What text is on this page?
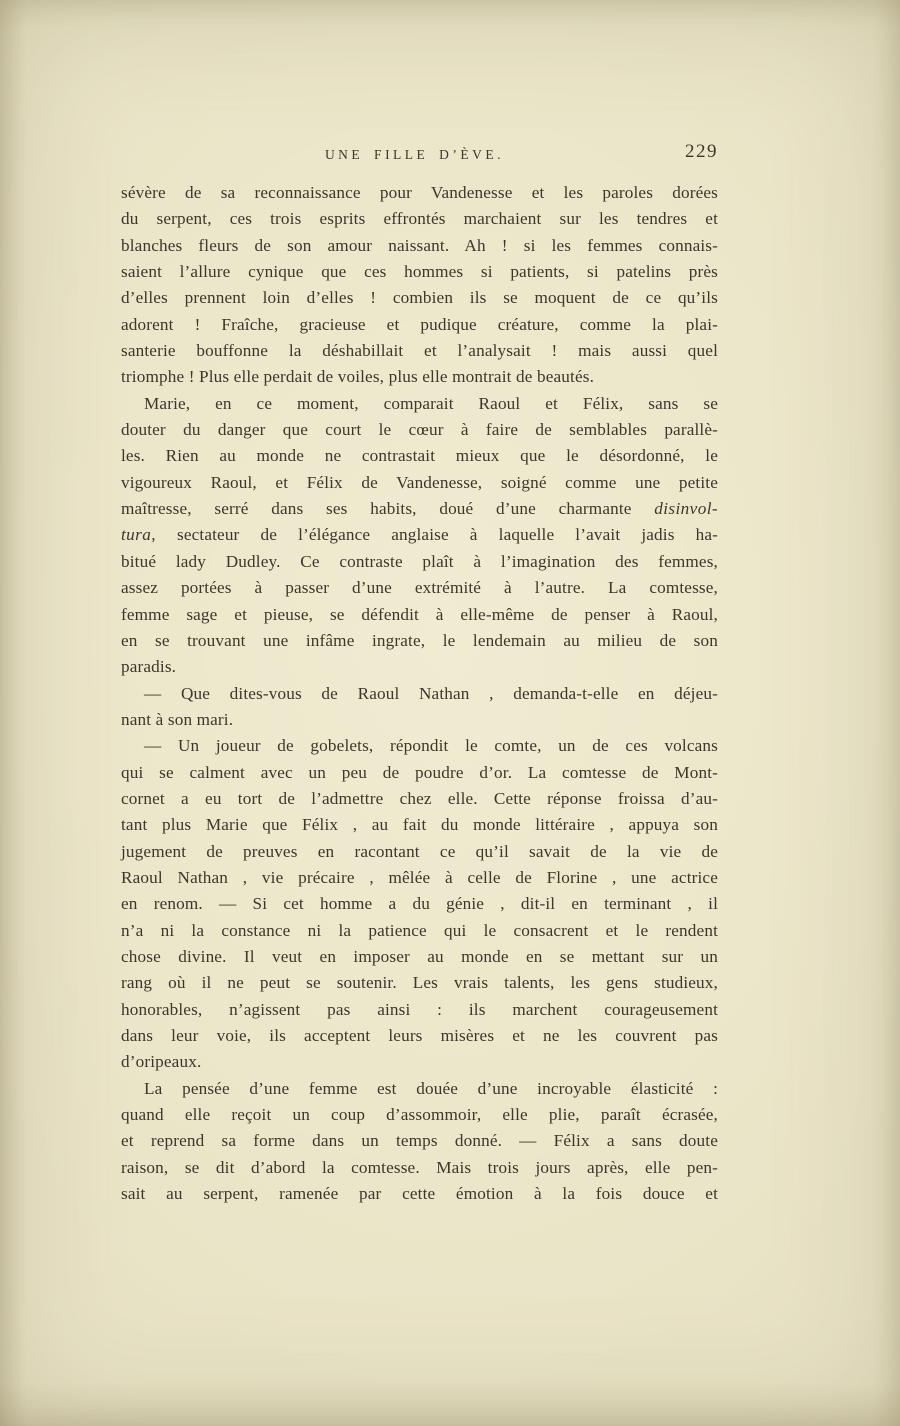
UNE FILLE D’ÈVE.	229
sévère de sa reconnaissance pour Vandenesse et les paroles dorées
du serpent, ces trois esprits effrontés marchaient sur les tendres et
blanches fleurs de son amour naissant. Ah ! si les femmes connais-
saient l’allure cynique que ces hommes si patients, si patelins près
d’elles prennent loin d’elles ! combien ils se moquent de ce qu’ils
adorent ! Fraîche, gracieuse et pudique créature, comme la plai-
santerie bouffonne la déshabillait et l’analysait ! mais aussi quel
triomphe ! Plus elle perdait de voiles, plus elle montrait de beautés.
Marie, en ce moment, comparait Raoul et Félix, sans se
douter du danger que court le cœur à faire de semblables parallè-
les. Rien au monde ne contrastait mieux que le désordonné, le
vigoureux Raoul, et Félix de Vandenesse, soigné comme une petite
maîtresse, serré dans ses habits, doué d’une charmante disinvol-
tura, sectateur de l’élégance anglaise à laquelle l’avait jadis ha-
bitué lady Dudley. Ce contraste plaît à l’imagination des femmes,
assez portées à passer d’une extrémité à l’autre. La comtesse,
femme sage et pieuse, se défendit à elle-même de penser à Raoul,
en se trouvant une infâme ingrate, le lendemain au milieu de son
paradis.
— Que dites-vous de Raoul Nathan , demanda-t-elle en déjeu-
nant à son mari.
— Un joueur de gobelets, répondit le comte, un de ces volcans
qui se calment avec un peu de poudre d’or. La comtesse de Mont-
cornet a eu tort de l’admettre chez elle. Cette réponse froissa d’au-
tant plus Marie que Félix , au fait du monde littéraire , appuya son
jugement de preuves en racontant ce qu’il savait de la vie de
Raoul Nathan , vie précaire , mêlée à celle de Florine , une actrice
en renom. — Si cet homme a du génie , dit-il en terminant , il
n’a ni la constance ni la patience qui le consacrent et le rendent
chose divine. Il veut en imposer au monde en se mettant sur un
rang où il ne peut se soutenir. Les vrais talents, les gens studieux,
honorables, n’agissent pas ainsi : ils marchent courageusement
dans leur voie, ils acceptent leurs misères et ne les couvrent pas
d’oripeaux.
La pensée d’une femme est douée d’une incroyable élasticité :
quand elle reçoit un coup d’assommoir, elle plie, paraît écrasée,
et reprend sa forme dans un temps donné. — Félix a sans doute
raison, se dit d’abord la comtesse. Mais trois jours après, elle pen-
sait au serpent, ramenée par cette émotion à la fois douce et
